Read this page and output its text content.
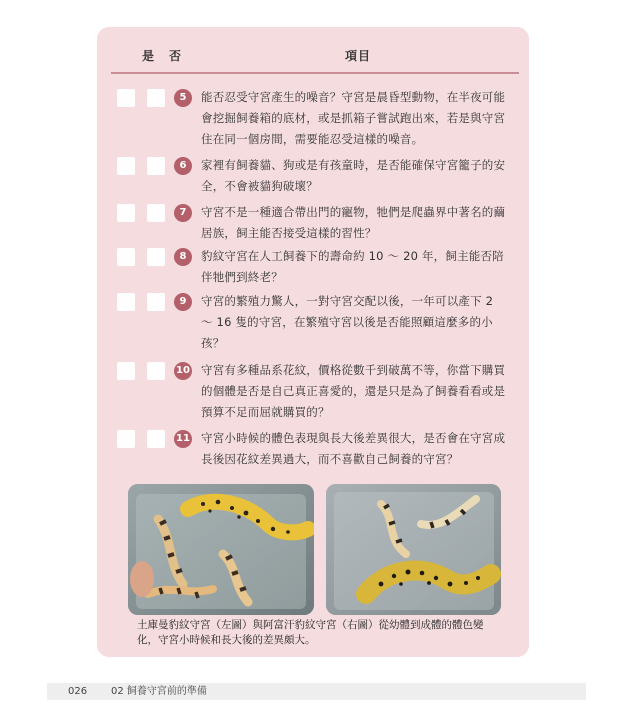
是 否	項目
5	能否忍受守宮產生的噪音？守宮是晨昏型動物，在半夜可能會挖掘飼養箱的底材，或是抓箱子嘗試跑出來，若是與守宮住在同一個房間，需要能忍受這樣的噪音。
6	家裡有飼養貓、狗或是有孩童時，是否能確保守宮籠子的安全，不會被貓狗破壞？
7	守宮不是一種適合帶出門的寵物，牠們是爬蟲界中著名的繭居族，飼主能否接受這樣的習性？
8	豹紋守宮在人工飼養下的壽命約 10 ～ 20 年，飼主能否陪伴牠們到終老？
9	守宮的繁殖力驚人，一對守宮交配以後，一年可以產下 2 ～ 16 隻的守宮，在繁殖守宮以後是否能照顧這麼多的小孩？
10 守宮有多種品系花紋，價格從數千到破萬不等，你當下購買的個體是否是自己真正喜愛的，還是只是為了飼養看看或是預算不足而屈就購買的？
11 守宮小時候的體色表現與長大後差異很大，是否會在守宮成長後因花紋差異過大，而不喜歡自己飼養的守宮？
土庫曼豹紋守宮（左圖）與阿富汗豹紋守宮（右圖）從幼體到成體的體色變化，守宮小時候和長大後的差異頗大。
026 02 飼養守宮前的準備
